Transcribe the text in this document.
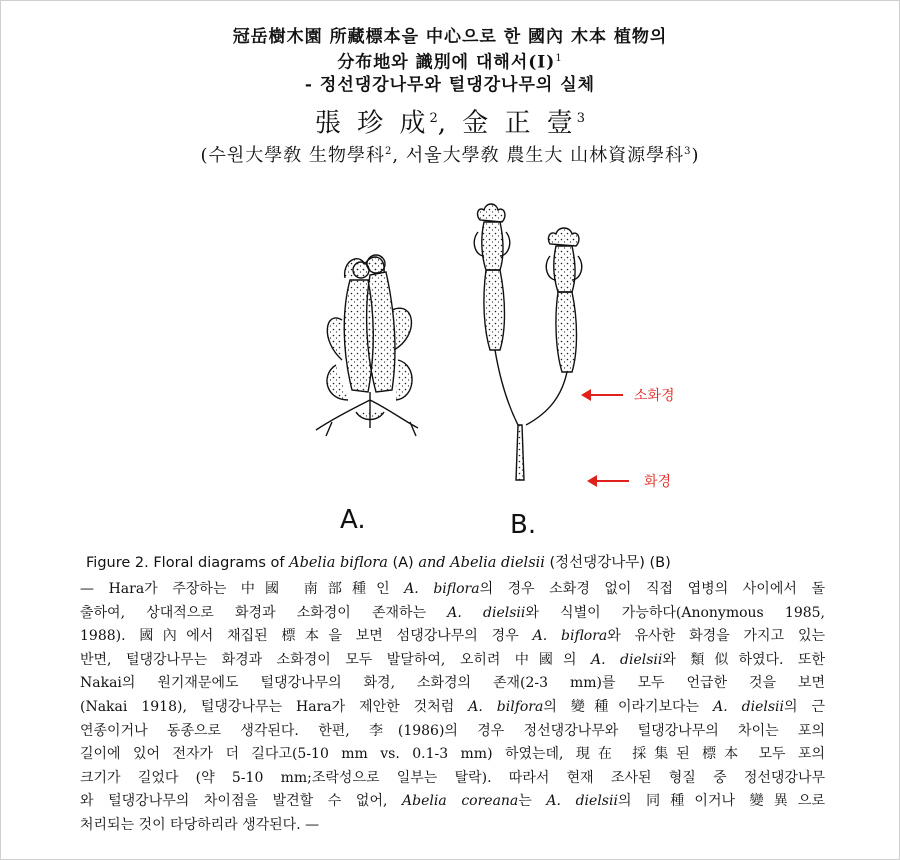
冠岳樹木園 所藏標本을 中心으로 한 國內 木本 植物의
分布地와 識別에 대해서$(I)^1$
- 정선댕강나무와 털댕강나무의 실체
張 珍 成$^2$, 金 正 壹$^3$
(수원大學敎 生物學科$^2$, 서울大學敎 農生大 山林資源學科$^3$)
A.	B.
소화경
화경
Figure 2. Floral diagrams of Abelia biflora (A) and Abelia dielsii (정선댕강나무) (B)
— Hara가 주장하는 中國 南部種인 A. biflora의 경우 소화경 없이 직접 엽병의 사이에서 돌
출하여, 상대적으로 화경과 소화경이 존재하는 A. dielsii와 식별이 가능하다(Anonymous 1985,
1988). 國內에서 채집된 標本을 보면 섬댕강나무의 경우 A. biflora와 유사한 화경을 가지고 있는
반면, 털댕강나무는 화경과 소화경이 모두 발달하여, 오히려 中國의 A. dielsii와 類似하였다. 또한
Nakai의 원기재문에도 털댕강나무의 화경, 소화경의 존재(2-3 mm)를 모두 언급한 것을 보면
(Nakai 1918), 털댕강나무는 Hara가 제안한 것처럼 A. bilfora의 變種이라기보다는 A. dielsii의 근
연종이거나 동종으로 생각된다. 한편, 李(1986)의 경우 정선댕강나무와 털댕강나무의 차이는 포의
길이에 있어 전자가 더 길다고(5-10 mm vs. 0.1-3 mm) 하였는데, 現在 採集된 標本 모두 포의
크기가 길었다 (약 5-10 mm;조락성으로 일부는 탈락). 따라서 현재 조사된 형질 중 정선댕강나무
와 털댕강나무의 차이점을 발견할 수 없어, Abelia coreana는 A. dielsii의 同種이거나 變異으로
처리되는 것이 타당하리라 생각된다. —
